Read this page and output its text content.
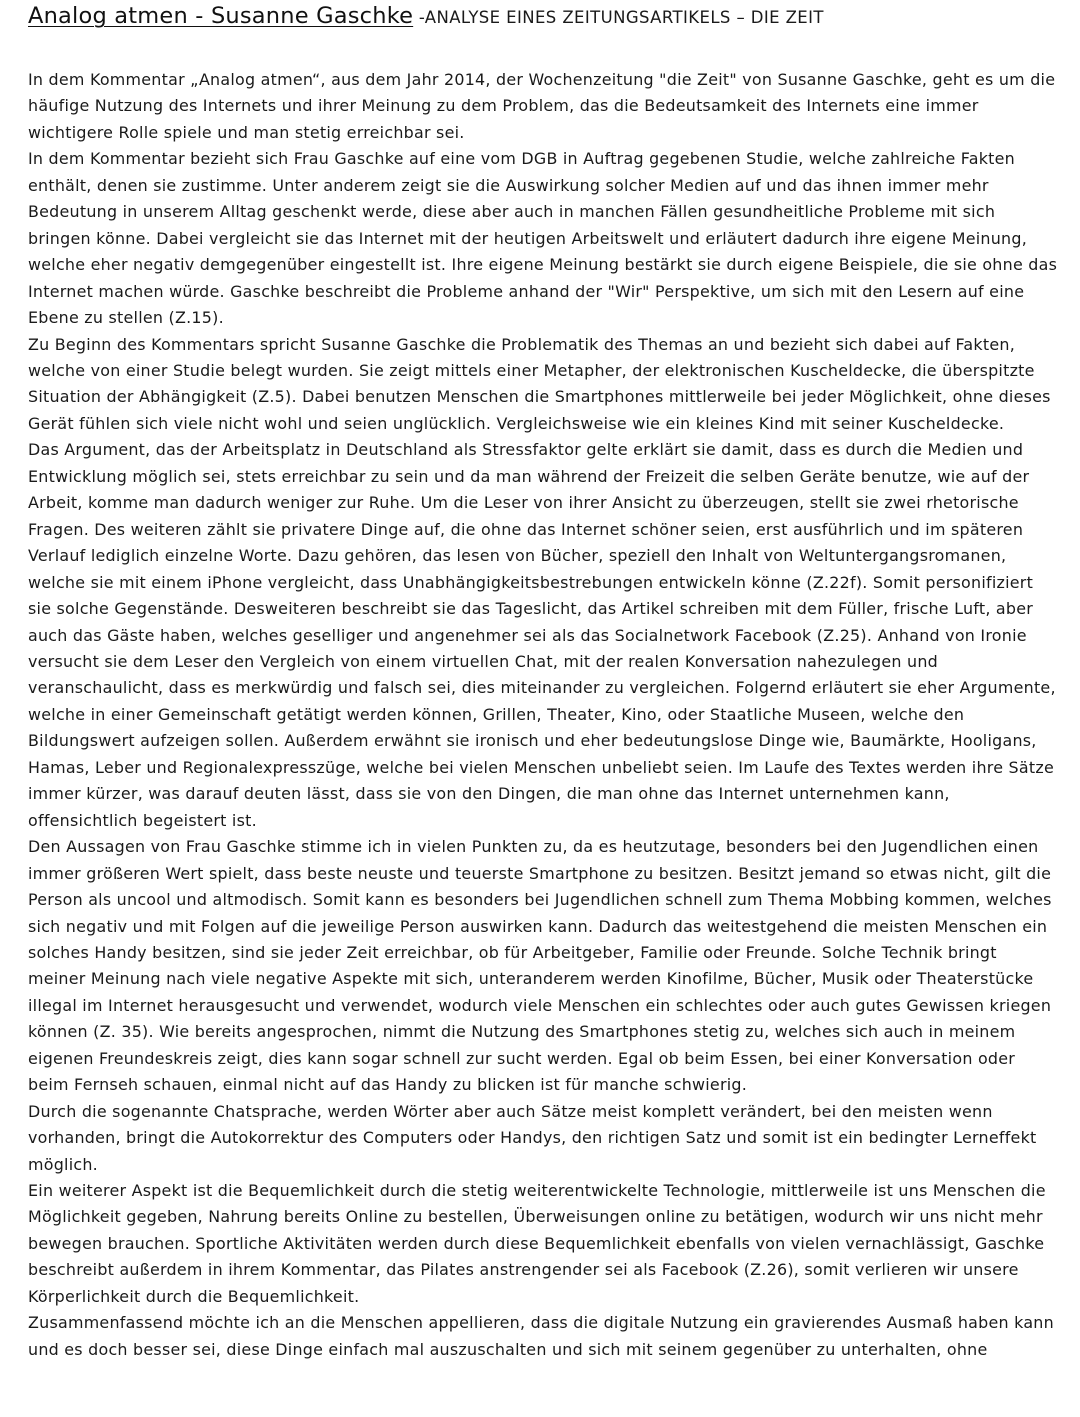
Analog atmen - Susanne Gaschke -ANALYSE EINES ZEITUNGSARTIKELS – DIE ZEIT

In dem Kommentar „Analog atmen“, aus dem Jahr 2014, der Wochenzeitung "die Zeit" von Susanne Gaschke, geht es um die häufige Nutzung des Internets und ihrer Meinung zu dem Problem, das die Bedeutsamkeit des Internets eine immer wichtigere Rolle spiele und man stetig erreichbar sei.

In dem Kommentar bezieht sich Frau Gaschke auf eine vom DGB in Auftrag gegebenen Studie, welche zahlreiche Fakten enthält, denen sie zustimme. Unter anderem zeigt sie die Auswirkung solcher Medien auf und das ihnen immer mehr Bedeutung in unserem Alltag geschenkt werde, diese aber auch in manchen Fällen gesundheitliche Probleme mit sich bringen könne. Dabei vergleicht sie das Internet mit der heutigen Arbeitswelt und erläutert dadurch ihre eigene Meinung, welche eher negativ demgegenüber eingestellt ist. Ihre eigene Meinung bestärkt sie durch eigene Beispiele, die sie ohne das Internet machen würde. Gaschke beschreibt die Probleme anhand der "Wir" Perspektive, um sich mit den Lesern auf eine Ebene zu stellen (Z.15).

Zu Beginn des Kommentars spricht Susanne Gaschke die Problematik des Themas an und bezieht sich dabei auf Fakten, welche von einer Studie belegt wurden. Sie zeigt mittels einer Metapher, der elektronischen Kuscheldecke, die überspitzte Situation der Abhängigkeit (Z.5). Dabei benutzen Menschen die Smartphones mittlerweile bei jeder Möglichkeit, ohne dieses Gerät fühlen sich viele nicht wohl und seien unglücklich. Vergleichsweise wie ein kleines Kind mit seiner Kuscheldecke.

Das Argument, das der Arbeitsplatz in Deutschland als Stressfaktor gelte erklärt sie damit, dass es durch die Medien und Entwicklung möglich sei, stets erreichbar zu sein und da man während der Freizeit die selben Geräte benutze, wie auf der Arbeit, komme man dadurch weniger zur Ruhe. Um die Leser von ihrer Ansicht zu überzeugen, stellt sie zwei rhetorische Fragen. Des weiteren zählt sie privatere Dinge auf, die ohne das Internet schöner seien, erst ausführlich und im späteren Verlauf lediglich einzelne Worte. Dazu gehören, das lesen von Bücher, speziell den Inhalt von Weltuntergangsromanen, welche sie mit einem iPhone vergleicht, dass Unabhängigkeitsbestrebungen entwickeln könne (Z.22f). Somit personifiziert sie solche Gegenstände. Desweiteren beschreibt sie das Tageslicht, das Artikel schreiben mit dem Füller, frische Luft, aber auch das Gäste haben, welches geselliger und angenehmer sei als das Socialnetwork Facebook (Z.25). Anhand von Ironie versucht sie dem Leser den Vergleich von einem virtuellen Chat, mit der realen Konversation nahezulegen und veranschaulicht, dass es merkwürdig und falsch sei, dies miteinander zu vergleichen. Folgernd erläutert sie eher Argumente, welche in einer Gemeinschaft getätigt werden können, Grillen, Theater, Kino, oder Staatliche Museen, welche den Bildungswert aufzeigen sollen. Außerdem erwähnt sie ironisch und eher bedeutungslose Dinge wie, Baumärkte, Hooligans, Hamas, Leber und Regionalexpresszüge, welche bei vielen Menschen unbeliebt seien. Im Laufe des Textes werden ihre Sätze immer kürzer, was darauf deuten lässt, dass sie von den Dingen, die man ohne das Internet unternehmen kann, offensichtlich begeistert ist.

Den Aussagen von Frau Gaschke stimme ich in vielen Punkten zu, da es heutzutage, besonders bei den Jugendlichen einen immer größeren Wert spielt, dass beste neuste und teuerste Smartphone zu besitzen. Besitzt jemand so etwas nicht, gilt die Person als uncool und altmodisch. Somit kann es besonders bei Jugendlichen schnell zum Thema Mobbing kommen, welches sich negativ und mit Folgen auf die jeweilige Person auswirken kann. Dadurch das weitestgehend die meisten Menschen ein solches Handy besitzen, sind sie jeder Zeit erreichbar, ob für Arbeitgeber, Familie oder Freunde. Solche Technik bringt meiner Meinung nach viele negative Aspekte mit sich, unteranderem werden Kinofilme, Bücher, Musik oder Theaterstücke illegal im Internet herausgesucht und verwendet, wodurch viele Menschen ein schlechtes oder auch gutes Gewissen kriegen können (Z. 35). Wie bereits angesprochen, nimmt die Nutzung des Smartphones stetig zu, welches sich auch in meinem eigenen Freundeskreis zeigt, dies kann sogar schnell zur sucht werden. Egal ob beim Essen, bei einer Konversation oder beim Fernseh schauen, einmal nicht auf das Handy zu blicken ist für manche schwierig.

Durch die sogenannte Chatsprache, werden Wörter aber auch Sätze meist komplett verändert, bei den meisten wenn vorhanden, bringt die Autokorrektur des Computers oder Handys, den richtigen Satz und somit ist ein bedingter Lerneffekt möglich.

Ein weiterer Aspekt ist die Bequemlichkeit durch die stetig weiterentwickelte Technologie, mittlerweile ist uns Menschen die Möglichkeit gegeben, Nahrung bereits Online zu bestellen, Überweisungen online zu betätigen, wodurch wir uns nicht mehr bewegen brauchen. Sportliche Aktivitäten werden durch diese Bequemlichkeit ebenfalls von vielen vernachlässigt, Gaschke beschreibt außerdem in ihrem Kommentar, das Pilates anstrengender sei als Facebook (Z.26), somit verlieren wir unsere Körperlichkeit durch die Bequemlichkeit.

Zusammenfassend möchte ich an die Menschen appellieren, dass die digitale Nutzung ein gravierendes Ausmaß haben kann und es doch besser sei, diese Dinge einfach mal auszuschalten und sich mit seinem gegenüber zu unterhalten, ohne
